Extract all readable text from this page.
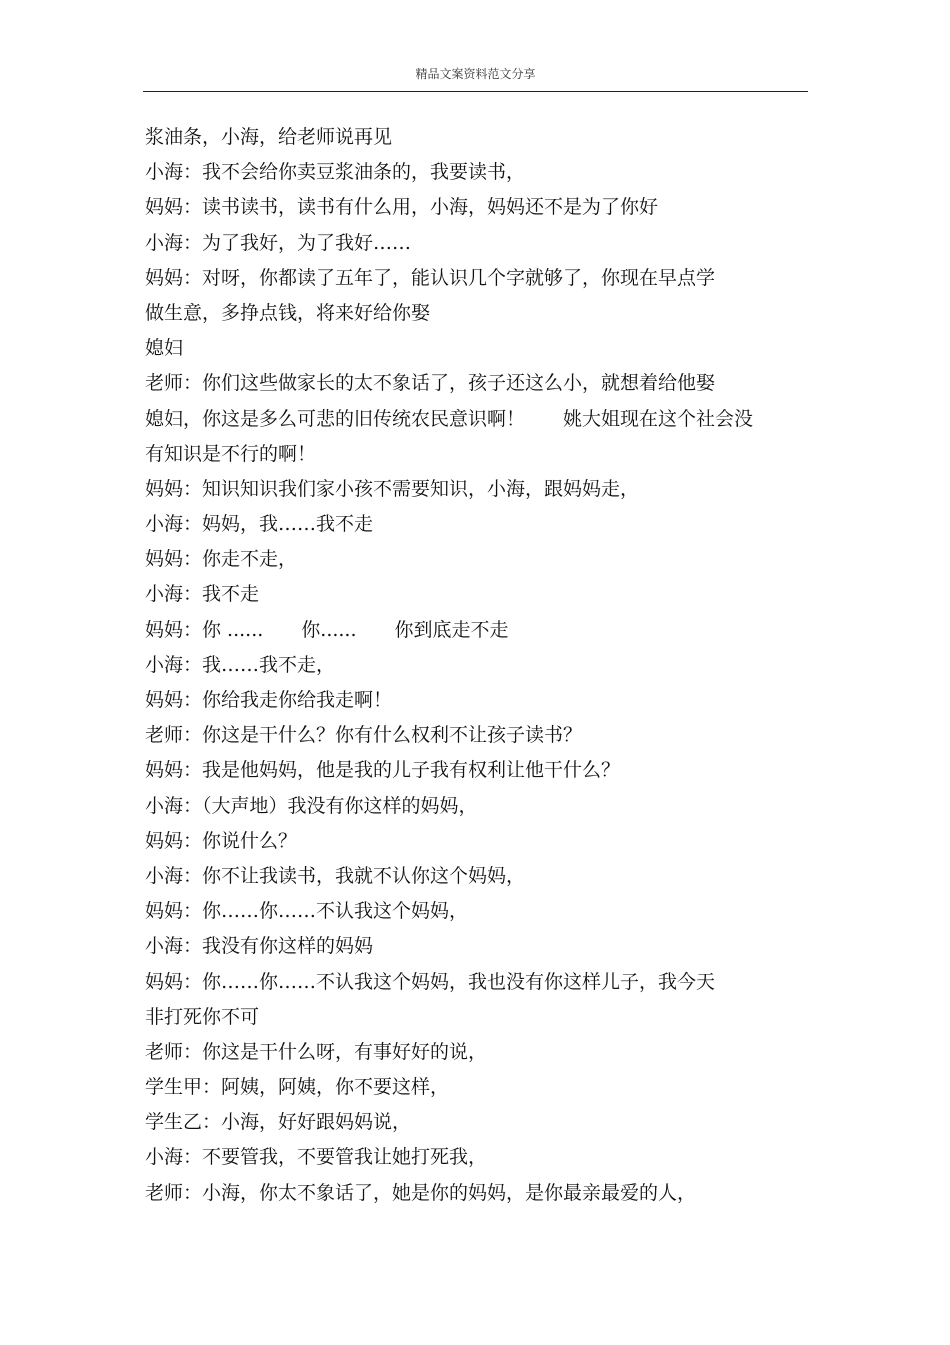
精品文案资料范文分享
浆油条，小海，给老师说再见
小海：我不会给你卖豆浆油条的，我要读书，
妈妈：读书读书，读书有什么用，小海，妈妈还不是为了你好
小海：为了我好，为了我好……
妈妈：对呀，你都读了五年了，能认识几个字就够了，你现在早点学
做生意，多挣点钱，将来好给你娶
媳妇
老师：你们这些做家长的太不象话了，孩子还这么小，就想着给他娶
媳妇，你这是多么可悲的旧传统农民意识啊！　　姚大姐现在这个社会没
有知识是不行的啊！
妈妈：知识知识我们家小孩不需要知识，小海，跟妈妈走，
小海：妈妈，我……我不走
妈妈：你走不走，
小海：我不走
妈妈：你 ......　　你......　　你到底走不走
小海：我……我不走，
妈妈：你给我走你给我走啊！
老师：你这是干什么？你有什么权利不让孩子读书？
妈妈：我是他妈妈，他是我的儿子我有权利让他干什么？
小海：（大声地）我没有你这样的妈妈，
妈妈：你说什么？
小海：你不让我读书，我就不认你这个妈妈，
妈妈：你……你……不认我这个妈妈，
小海：我没有你这样的妈妈
妈妈：你……你……不认我这个妈妈，我也没有你这样儿子，我今天
非打死你不可
老师：你这是干什么呀，有事好好的说，
学生甲：阿姨，阿姨，你不要这样，
学生乙：小海，好好跟妈妈说，
小海：不要管我，不要管我让她打死我，
老师：小海，你太不象话了，她是你的妈妈，是你最亲最爱的人，
